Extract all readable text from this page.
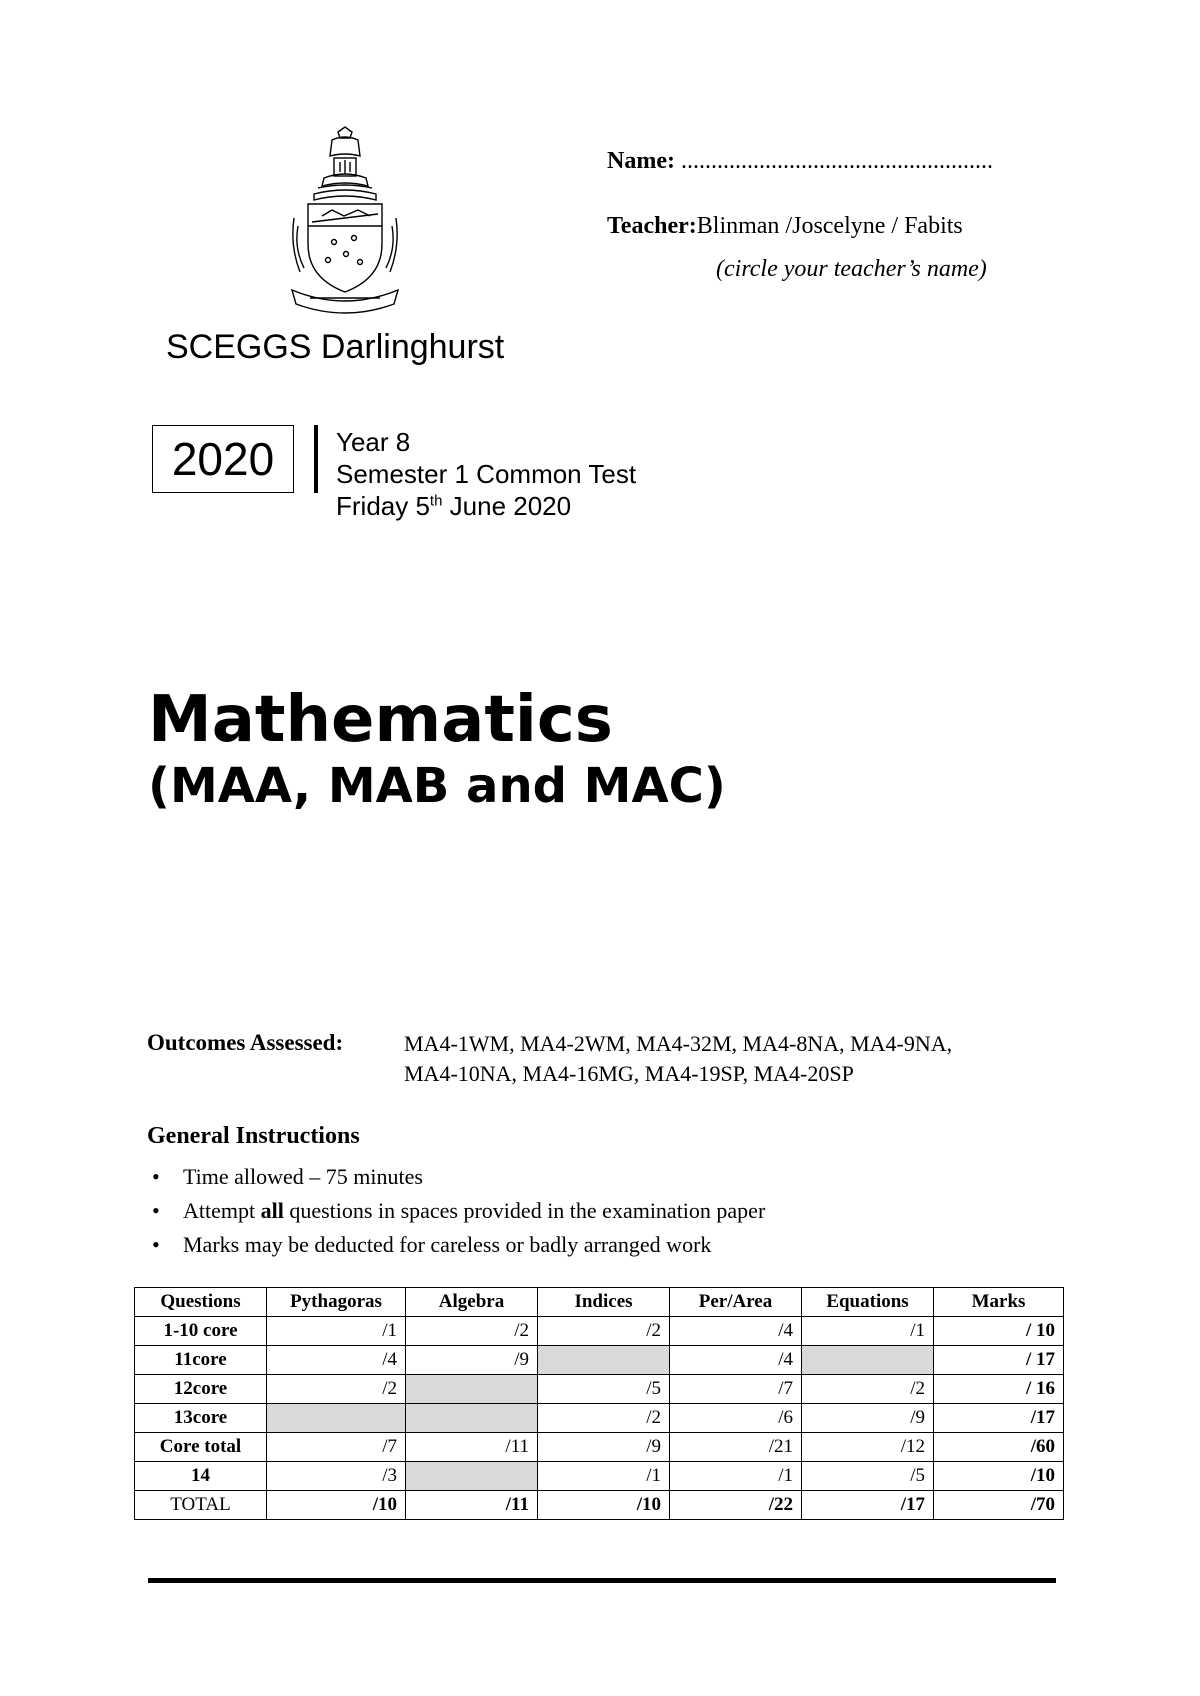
SCEGGS Darlinghurst
Name: ....................................................
Teacher:Blinman /Joscelyne / Fabits
(circle your teacher’s name)
2020	Year 8
Semester 1 Common Test
Friday 5th June 2020
Mathematics
(MAA, MAB and MAC)
Outcomes Assessed:	MA4-1WM, MA4-2WM, MA4-32M, MA4-8NA, MA4-9NA,
MA4-10NA, MA4-16MG, MA4-19SP, MA4-20SP
General Instructions
• Time allowed – 75 minutes
• Attempt all questions in spaces provided in the examination paper
• Marks may be deducted for careless or badly arranged work
Questions	Pythagoras	Algebra	Indices	Per/Area	Equations	Marks
1-10 core	/1	/2	/2	/4	/1	/ 10
11core	/4	/9		/4		/ 17
12core	/2		/5	/7	/2	/ 16
13core			/2	/6	/9	/17
Core total	/7	/11	/9	/21	/12	/60
14	/3		/1	/1	/5	/10
TOTAL	/10	/11	/10	/22	/17	/70
